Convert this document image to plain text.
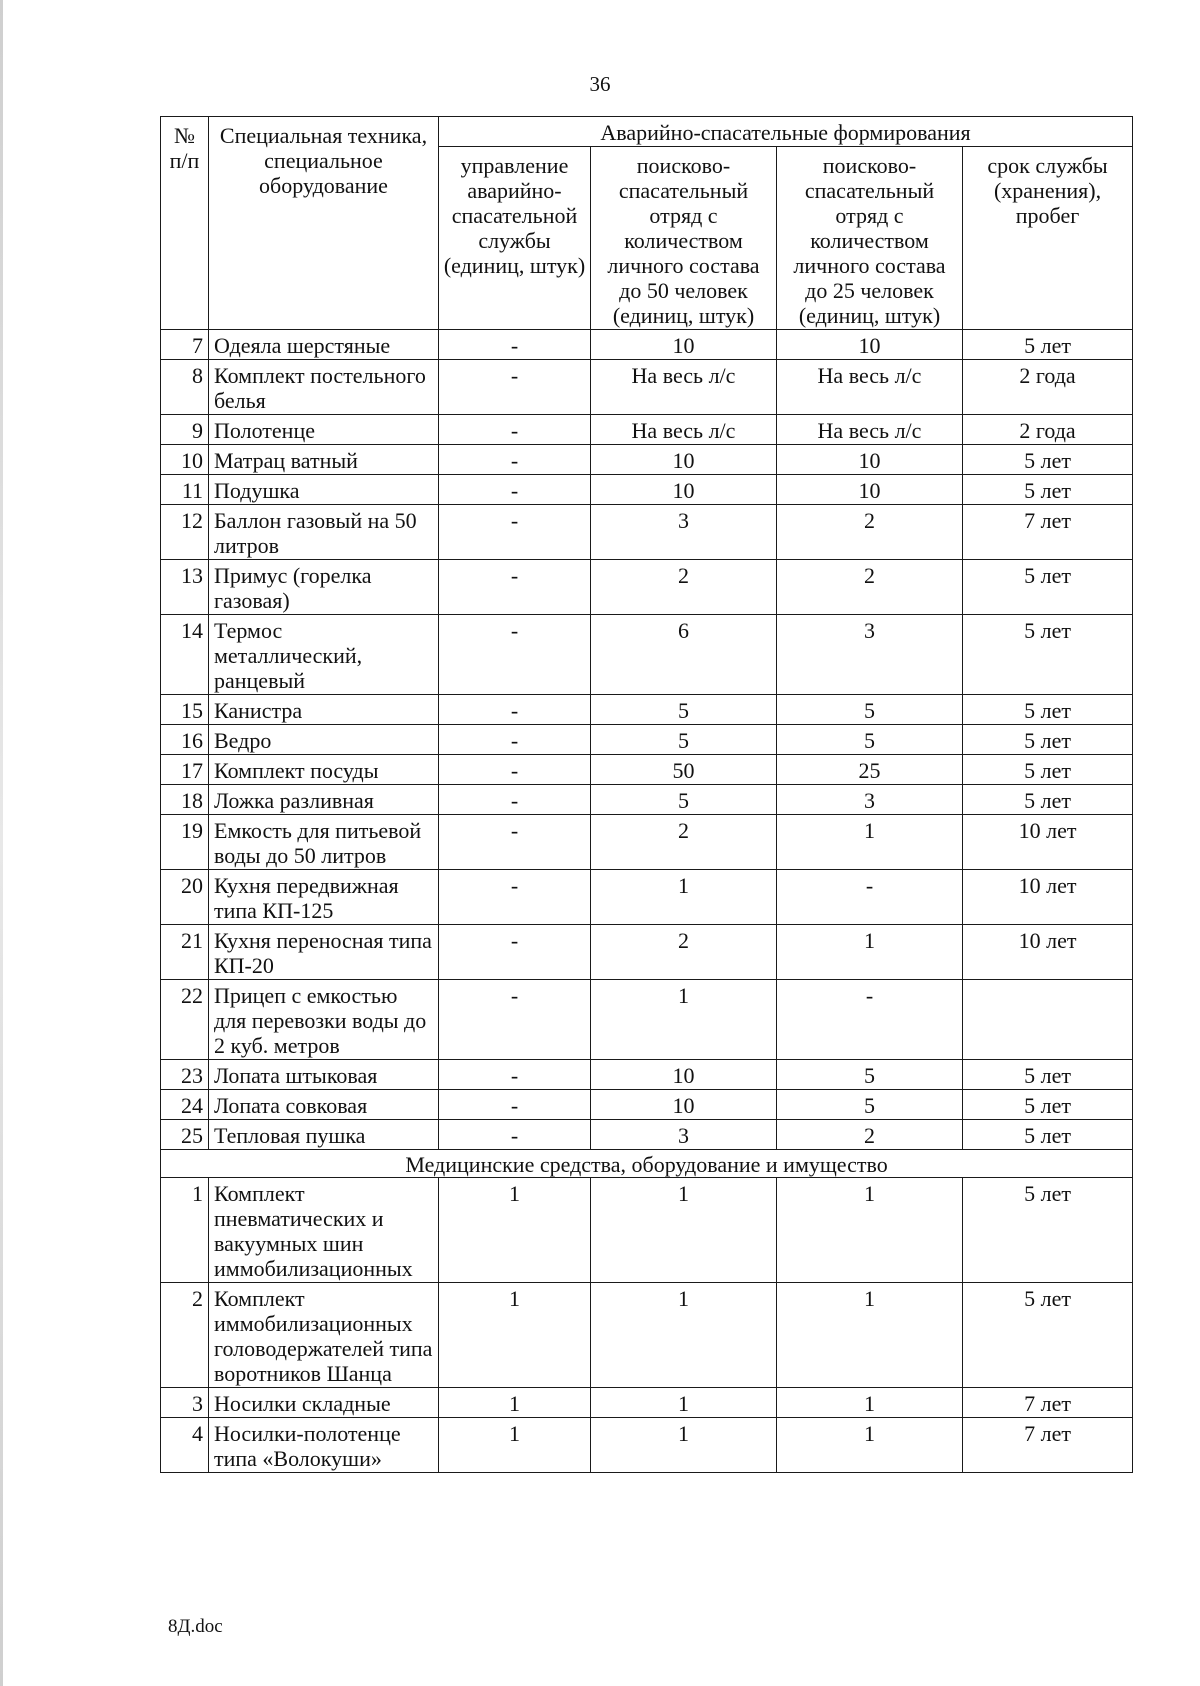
36
№ п/п	Специальная техника, специальное оборудование	Аварийно-спасательные формирования			
		управление аварийно-спасательной службы (единиц, штук)	поисково-спасательный отряд с количеством личного состава до 50 человек (единиц, штук)	поисково-спасательный отряд с количеством личного состава до 25 человек (единиц, штук)	срок службы (хранения), пробег
7	Одеяла шерстяные	-	10	10	5 лет
8	Комплект постельного белья	-	На весь л/с	На весь л/с	2 года
9	Полотенце	-	На весь л/с	На весь л/с	2 года
10	Матрац ватный	-	10	10	5 лет
11	Подушка	-	10	10	5 лет
12	Баллон газовый на 50 литров	-	3	2	7 лет
13	Примус (горелка газовая)	-	2	2	5 лет
14	Термос металлический, ранцевый	-	6	3	5 лет
15	Канистра	-	5	5	5 лет
16	Ведро	-	5	5	5 лет
17	Комплект посуды	-	50	25	5 лет
18	Ложка разливная	-	5	3	5 лет
19	Емкость для питьевой воды до 50 литров	-	2	1	10 лет
20	Кухня передвижная типа КП-125	-	1	-	10 лет
21	Кухня переносная типа КП-20	-	2	1	10 лет
22	Прицеп с емкостью для перевозки воды до 2 куб. метров	-	1	-	
23	Лопата штыковая	-	10	5	5 лет
24	Лопата совковая	-	10	5	5 лет
25	Тепловая пушка	-	3	2	5 лет
Медицинские средства, оборудование и имущество					
1	Комплект пневматических и вакуумных шин иммобилизационных	1	1	1	5 лет
2	Комплект иммобилизационных головодержателей типа воротников Шанца	1	1	1	5 лет
3	Носилки складные	1	1	1	7 лет
4	Носилки-полотенце типа «Волокуши»	1	1	1	7 лет
8Д.doc
